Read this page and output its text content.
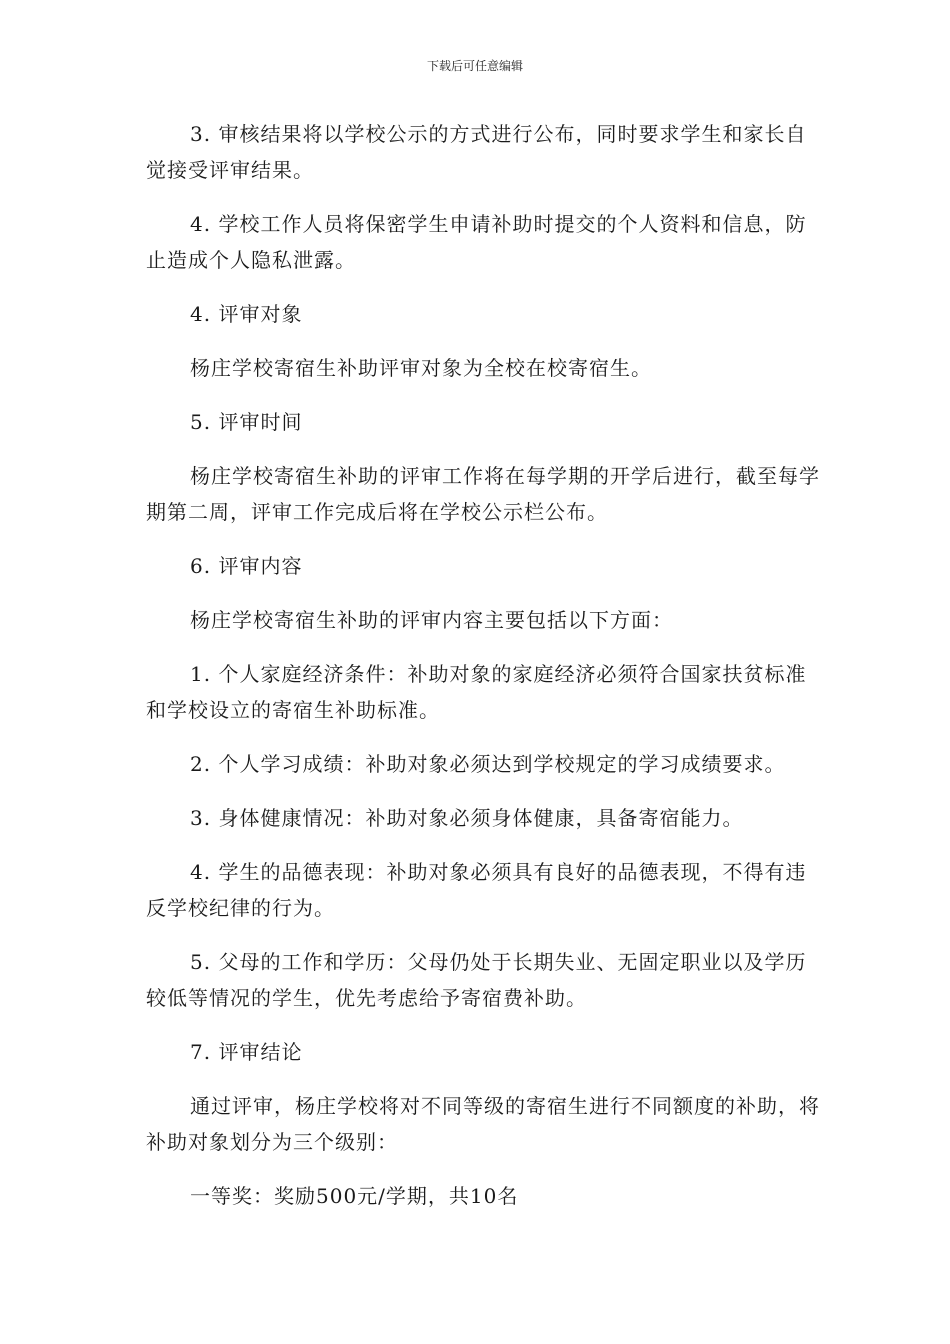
下载后可任意编辑

3. 审核结果将以学校公示的方式进行公布，同时要求学生和家长自觉接受评审结果。

4. 学校工作人员将保密学生申请补助时提交的个人资料和信息，防止造成个人隐私泄露。

4. 评审对象

杨庄学校寄宿生补助评审对象为全校在校寄宿生。

5. 评审时间

杨庄学校寄宿生补助的评审工作将在每学期的开学后进行，截至每学期第二周，评审工作完成后将在学校公示栏公布。

6. 评审内容

杨庄学校寄宿生补助的评审内容主要包括以下方面：

1. 个人家庭经济条件：补助对象的家庭经济必须符合国家扶贫标准和学校设立的寄宿生补助标准。

2. 个人学习成绩：补助对象必须达到学校规定的学习成绩要求。

3. 身体健康情况：补助对象必须身体健康，具备寄宿能力。

4. 学生的品德表现：补助对象必须具有良好的品德表现，不得有违反学校纪律的行为。

5. 父母的工作和学历：父母仍处于长期失业、无固定职业以及学历较低等情况的学生，优先考虑给予寄宿费补助。

7. 评审结论

通过评审，杨庄学校将对不同等级的寄宿生进行不同额度的补助，将补助对象划分为三个级别：

一等奖：奖励500元/学期，共10名
